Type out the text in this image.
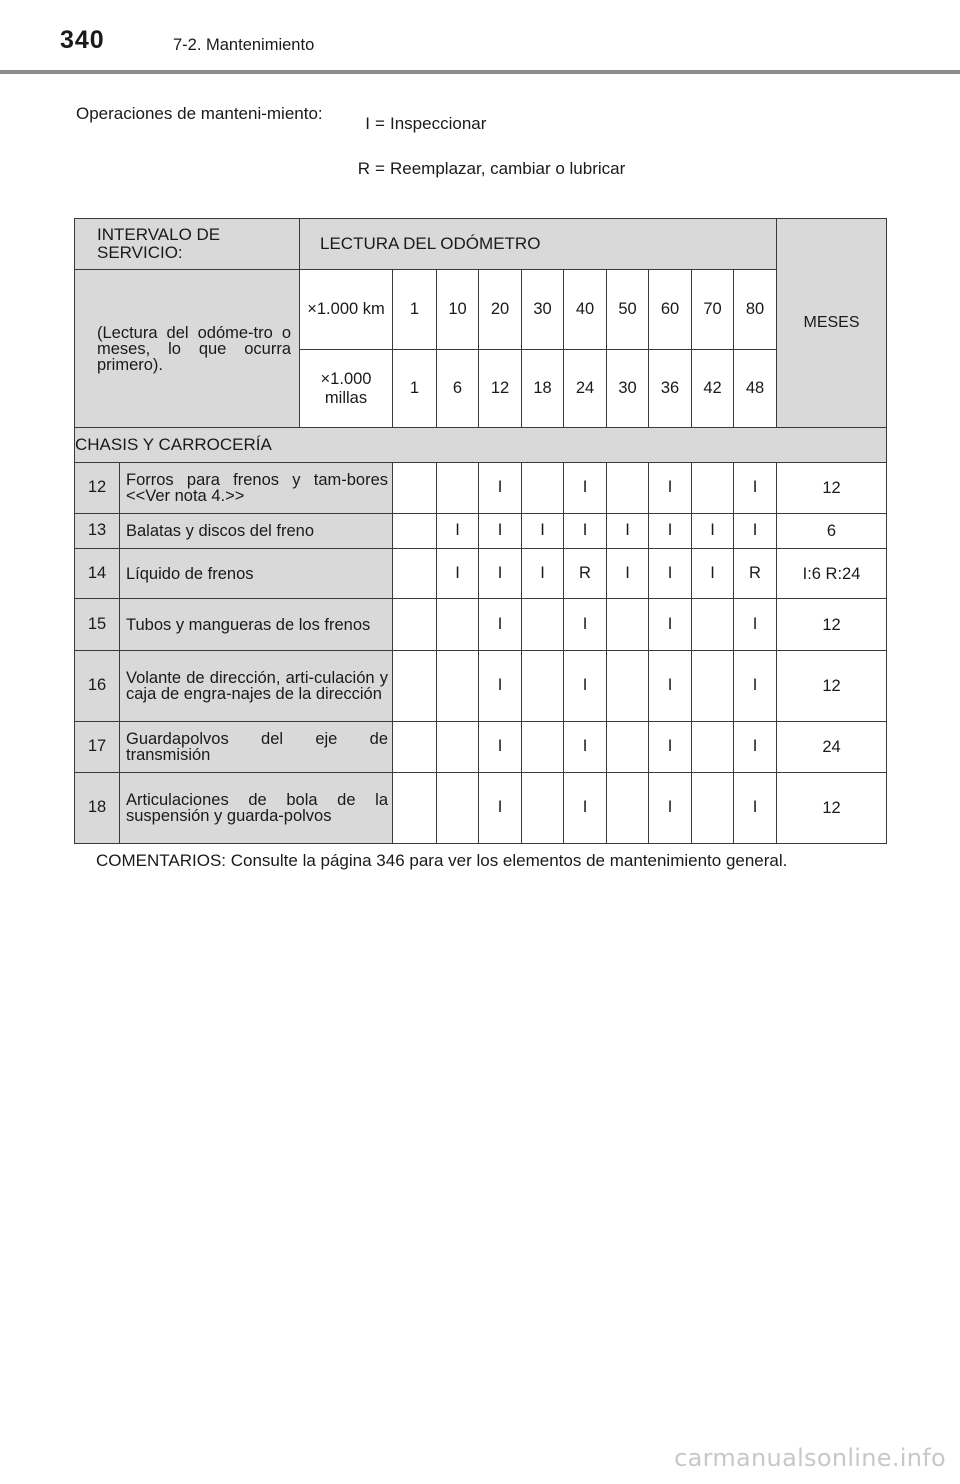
340	7-2. Mantenimiento
Operaciones de manteni-miento:
I = Inspeccionar
R = Reemplazar, cambiar o lubricar
INTERVALO DE SERVICIO:		LECTURA DEL ODÓMETRO										MESES
(Lectura del odóme-tro o meses, lo que ocurra primero).		×1.000 km	1	10	20	30	40	50	60	70	80	
		×1.000 millas	1	6	12	18	24	30	36	42	48	
CHASIS Y CARROCERÍA												
12	Forros para frenos y tam-bores <<Ver nota 4.>>				I		I		I		I	12
13	Balatas y discos del freno			I	I	I	I	I	I	I	I	6
14	Líquido de frenos			I	I	I	R	I	I	I	R	I:6 R:24
15	Tubos y mangueras de los frenos				I		I		I		I	12
16	Volante de dirección, arti-culación y caja de engra-najes de la dirección				I		I		I		I	12
17	Guardapolvos del eje de transmisión				I		I		I		I	24
18	Articulaciones de bola de la suspensión y guarda-polvos				I		I		I		I	12
COMENTARIOS: Consulte la página 346 para ver los elementos de mantenimiento general.
carmanualsonline.info
